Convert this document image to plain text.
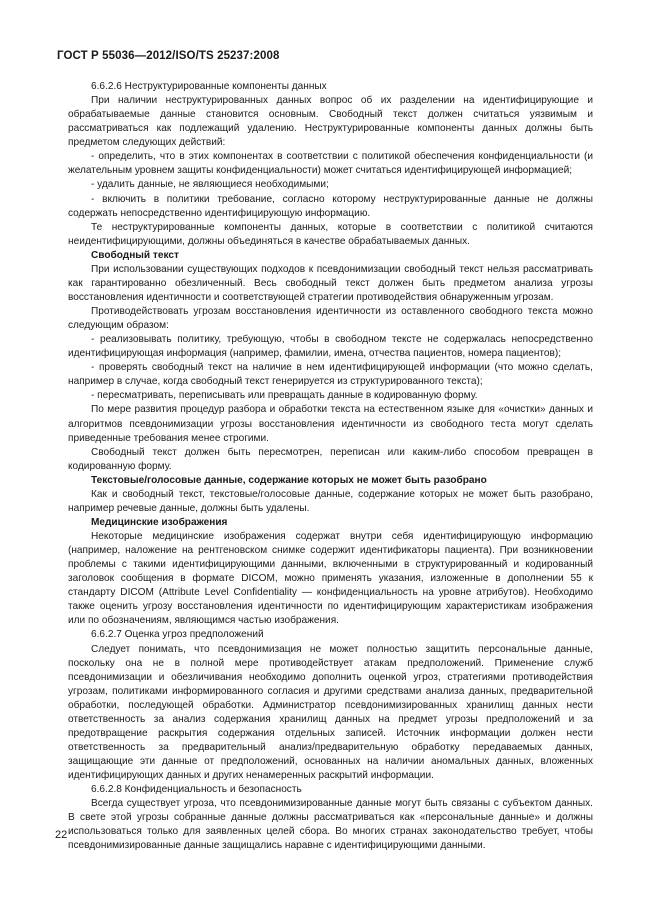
ГОСТ Р 55036—2012/ISO/TS 25237:2008

6.6.2.6 Неструктурированные компоненты данных

При наличии неструктурированных данных вопрос об их разделении на идентифицирующие и обрабатываемые данные становится основным. Свободный текст должен считаться уязвимым и рассматриваться как подлежащий удалению. Неструктурированные компоненты данных должны быть предметом следующих действий:

- определить, что в этих компонентах в соответствии с политикой обеспечения конфиденциальности (и желательным уровнем защиты конфиденциальности) может считаться идентифицирующей информацией;

- удалить данные, не являющиеся необходимыми;

- включить в политики требование, согласно которому неструктурированные данные не должны содержать непосредственно идентифицирующую информацию.

Те неструктурированные компоненты данных, которые в соответствии с политикой считаются неидентифицирующими, должны объединяться в качестве обрабатываемых данных.

Свободный текст

При использовании существующих подходов к псевдонимизации свободный текст нельзя рассматривать как гарантированно обезличенный. Весь свободный текст должен быть предметом анализа угрозы восстановления идентичности и соответствующей стратегии противодействия обнаруженным угрозам.

Противодействовать угрозам восстановления идентичности из оставленного свободного текста можно следующим образом:

- реализовывать политику, требующую, чтобы в свободном тексте не содержалась непосредственно идентифицирующая информация (например, фамилии, имена, отчества пациентов, номера пациентов);

- проверять свободный текст на наличие в нем идентифицирующей информации (что можно сделать, например в случае, когда свободный текст генерируется из структурированного текста);

- пересматривать, переписывать или превращать данные в кодированную форму.

По мере развития процедур разбора и обработки текста на естественном языке для «очистки» данных и алгоритмов псевдонимизации угрозы восстановления идентичности из свободного теста могут сделать приведенные требования менее строгими.

Свободный текст должен быть пересмотрен, переписан или каким-либо способом превращен в кодированную форму.

Текстовые/голосовые данные, содержание которых не может быть разобрано

Как и свободный текст, текстовые/голосовые данные, содержание которых не может быть разобрано, например речевые данные, должны быть удалены.

Медицинские изображения

Некоторые медицинские изображения содержат внутри себя идентифицирующую информацию (например, наложение на рентгеновском снимке содержит идентификаторы пациента). При возникновении проблемы с такими идентифицирующими данными, включенными в структурированный и кодированный заголовок сообщения в формате DICOM, можно применять указания, изложенные в дополнении 55 к стандарту DICOM (Attribute Level Confidentiality — конфиденциальность на уровне атрибутов). Необходимо также оценить угрозу восстановления идентичности по идентифицирующим характеристикам изображения или по обозначениям, являющимся частью изображения.

6.6.2.7 Оценка угроз предположений

Следует понимать, что псевдонимизация не может полностью защитить персональные данные, поскольку она не в полной мере противодействует атакам предположений. Применение служб псевдонимизации и обезличивания необходимо дополнить оценкой угроз, стратегиями противодействия угрозам, политиками информированного согласия и другими средствами анализа данных, предварительной обработки, последующей обработки. Администратор псевдонимизированных хранилищ данных нести ответственность за анализ содержания хранилищ данных на предмет угрозы предположений и за предотвращение раскрытия содержания отдельных записей. Источник информации должен нести ответственность за предварительный анализ/предварительную обработку передаваемых данных, защищающие эти данные от предположений, основанных на наличии аномальных данных, вложенных идентифицирующих данных и других ненамеренных раскрытий информации.

6.6.2.8 Конфиденциальность и безопасность

Всегда существует угроза, что псевдонимизированные данные могут быть связаны с субъектом данных. В свете этой угрозы собранные данные должны рассматриваться как «персональные данные» и должны использоваться только для заявленных целей сбора. Во многих странах законодательство требует, чтобы псевдонимизированные данные защищались наравне с идентифицирующими данными.

22
